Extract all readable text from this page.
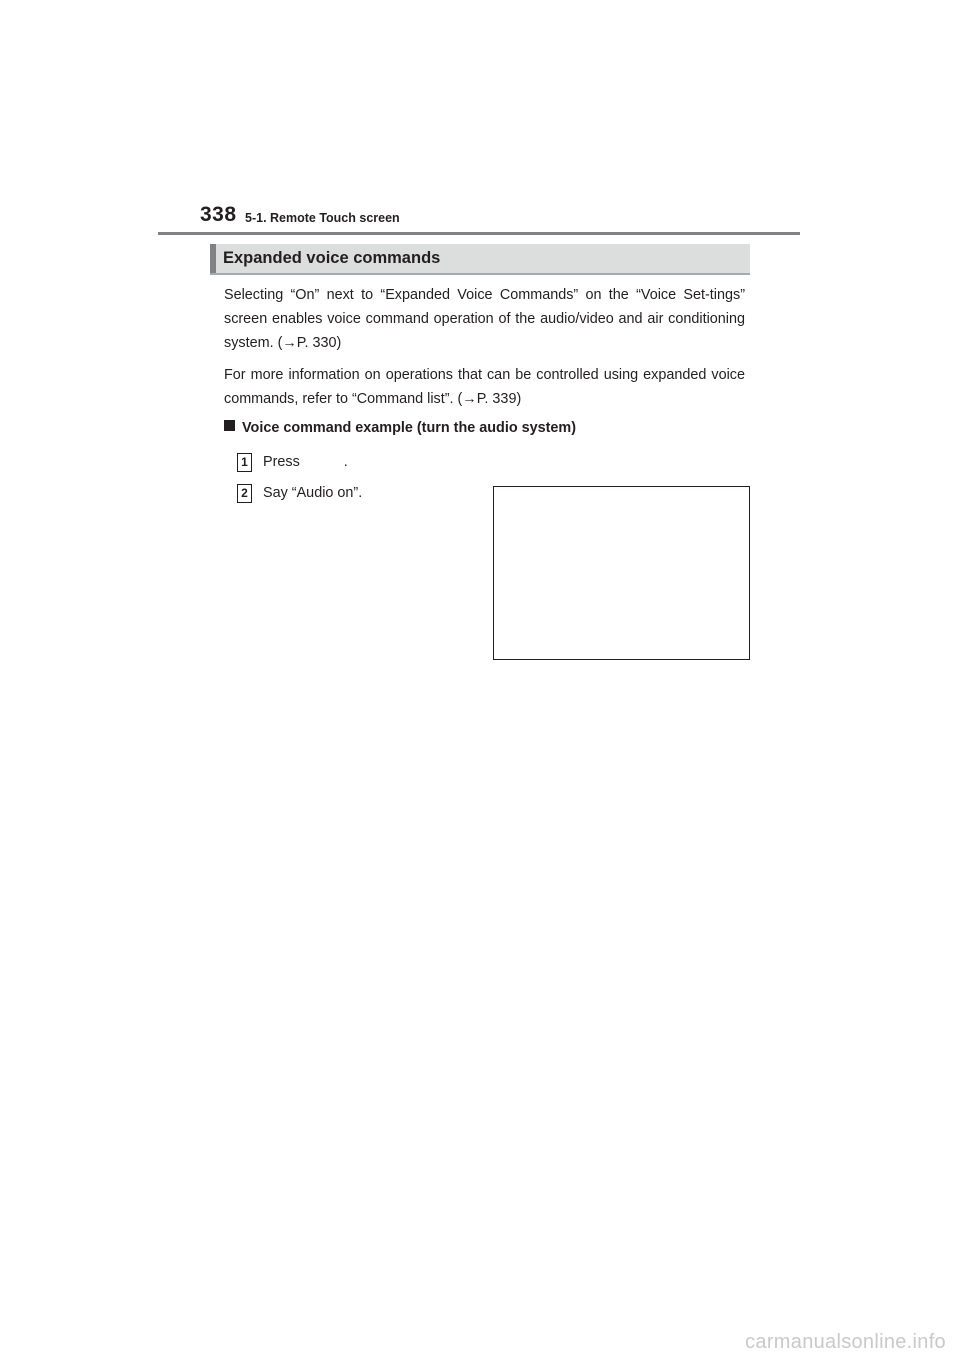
338 5-1. Remote Touch screen
Expanded voice commands

Selecting “On” next to “Expanded Voice Commands” on the “Voice Set-tings” screen enables voice command operation of the audio/video and air conditioning system. (→P. 330)

For more information on operations that can be controlled using expanded voice commands, refer to “Command list”. (→P. 339)

Voice command example (turn the audio system)
1 Press	.
2 Say “Audio on”.
carmanualsonline.info
